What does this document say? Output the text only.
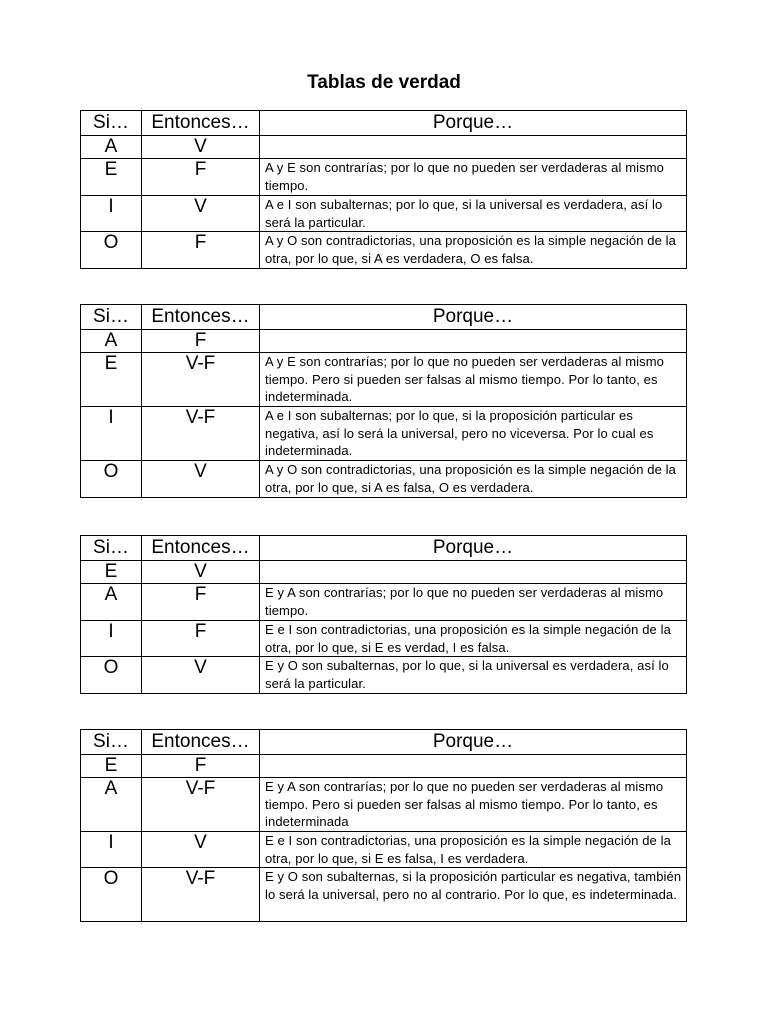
Tablas de verdad
Si…	Entonces…	Porque…
A	V	
E	F	A y E son contrarías; por lo que no pueden ser verdaderas al mismo tiempo.
I	V	A e I son subalternas; por lo que, si la universal es verdadera, así lo será la particular.
O	F	A y O son contradictorias, una proposición es la simple negación de la otra, por lo que, si A es verdadera, O es falsa.
Si…	Entonces…	Porque…
A	F	
E	V-F	A y E son contrarías; por lo que no pueden ser verdaderas al mismo tiempo. Pero si pueden ser falsas al mismo tiempo. Por lo tanto, es indeterminada.
I	V-F	A e I son subalternas; por lo que, si la proposición particular es negativa, así lo será la universal, pero no viceversa. Por lo cual es indeterminada.
O	V	A y O son contradictorias, una proposición es la simple negación de la otra, por lo que, si A es falsa, O es verdadera.
Si…	Entonces…	Porque…
E	V	
A	F	E y A son contrarías; por lo que no pueden ser verdaderas al mismo tiempo.
I	F	E e I son contradictorias, una proposición es la simple negación de la otra, por lo que, si E es verdad, I es falsa.
O	V	E y O son subalternas, por lo que, si la universal es verdadera, así lo será la particular.
Si…	Entonces…	Porque…
E	F	
A	V-F	E y A son contrarías; por lo que no pueden ser verdaderas al mismo tiempo. Pero si pueden ser falsas al mismo tiempo. Por lo tanto, es indeterminada
I	V	E e I son contradictorias, una proposición es la simple negación de la otra, por lo que, si E es falsa, I es verdadera.
O	V-F	E y O son subalternas, si la proposición particular es negativa, también lo será la universal, pero no al contrario. Por lo que, es indeterminada.
